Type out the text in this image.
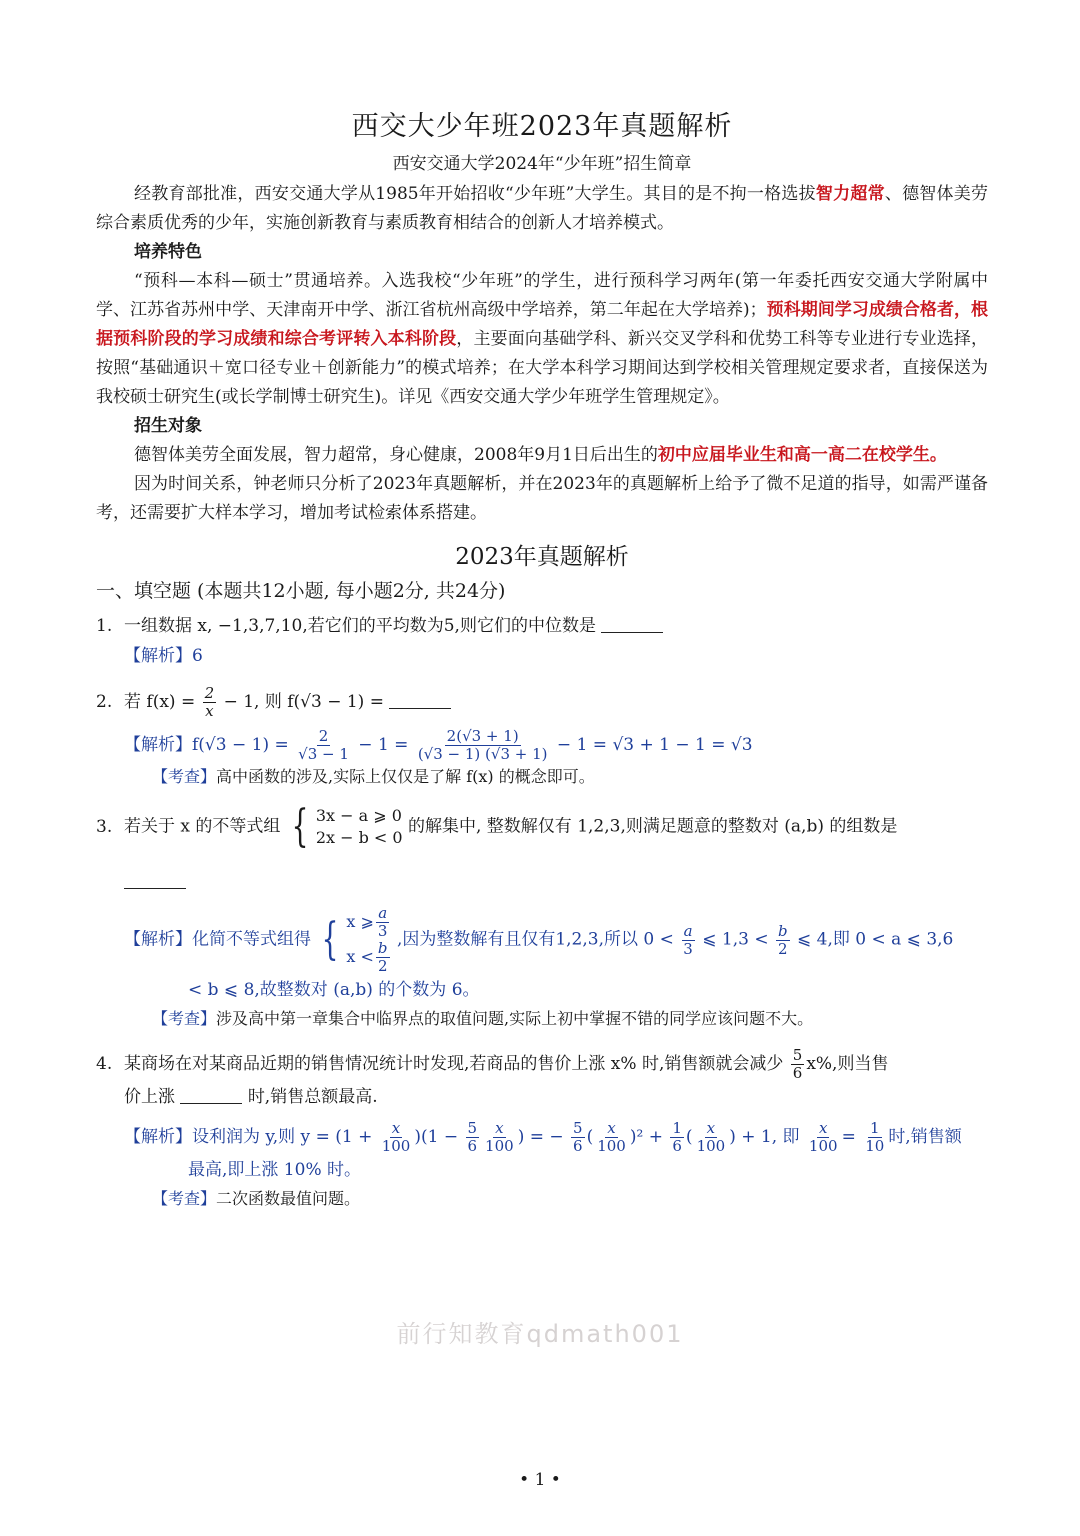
西交大少年班2023年真题解析
西安交通大学2024年“少年班”招生简章
经教育部批准，西安交通大学从1985年开始招收“少年班”大学生。其目的是不拘一格选拔智力超常、德智体美劳综合素质优秀的少年，实施创新教育与素质教育相结合的创新人才培养模式。
培养特色
“预科—本科—硕士”贯通培养。入选我校“少年班”的学生，进行预科学习两年(第一年委托西安交通大学附属中学、江苏省苏州中学、天津南开中学、浙江省杭州高级中学培养，第二年起在大学培养)；预科期间学习成绩合格者，根据预科阶段的学习成绩和综合考评转入本科阶段，主要面向基础学科、新兴交叉学科和优势工科等专业进行专业选择，按照“基础通识＋宽口径专业＋创新能力”的模式培养；在大学本科学习期间达到学校相关管理规定要求者，直接保送为我校硕士研究生(或长学制博士研究生)。详见《西安交通大学少年班学生管理规定》。
招生对象
德智体美劳全面发展，智力超常，身心健康，2008年9月1日后出生的初中应届毕业生和高一高二在校学生。
因为时间关系，钟老师只分析了2023年真题解析，并在2023年的真题解析上给予了微不足道的指导，如需严谨备考，还需要扩大样本学习，增加考试检索体系搭建。
2023年真题解析
一、填空题 (本题共12小题, 每小题2分, 共24分)
1. 一组数据 x, −1,3,7,10,若它们的平均数为5,则它们的中位数是
【解析】6
2. 若 $f(x) = \frac{2}{x} - 1$, 则 f(√3 − 1) =
【解析】$f(√3 - 1) = \frac{2}{√3 - 1} - 1 = \frac{2(√3 + 1)}{(√3 - 1) (√3 + 1)} - 1 = √3 + 1 - 1 = √3$
【考查】高中函数的涉及,实际上仅仅是了解 f(x) 的概念即可。
3. 若关于 x 的不等式组 { 3x − a ⩾ 0
2x − b < 0
的解集中, 整数解仅有 1,2,3,则满足题意的整数对 (a,b) 的组数是
【解析】化简不等式组得 { x ⩾ $\frac{a}{3}$
$x < \frac{b}{2}$
,因为整数解有且仅有1,2,3,所以 $0 < \frac{a}{3}$ ⩽ $1,3 < \frac{b}{2}$ ⩽ 4,即 0 < a ⩽ 3,6
< b ⩽ 8,故整数对 (a,b) 的个数为 6。
【考查】涉及高中第一章集合中临界点的取值问题,实际上初中掌握不错的同学应该问题不大。
4. 某商场在对某商品近期的销售情况统计时发现,若商品的售价上涨 x% 时,销售额就会减少 $\frac{5}{6} x\%$,则当售
价上涨	时,销售总额最高.
【解析】设利润为 y,则 $y = (1 + \frac{x}{100} )(1 - \frac{5}{6} \frac{x}{100}$ ) = − $\frac{5}{6}$ ( $\frac{x}{100} )^2 + \frac{1}{6}$ ( $\frac{x}{100}$ ) + 1, 即 $\frac{x}{100} = \frac{1}{10}$ 时,销售额
最高,即上涨 10% 时。
【考查】二次函数最值问题。
前行知教育qdmath001
• 1 •
